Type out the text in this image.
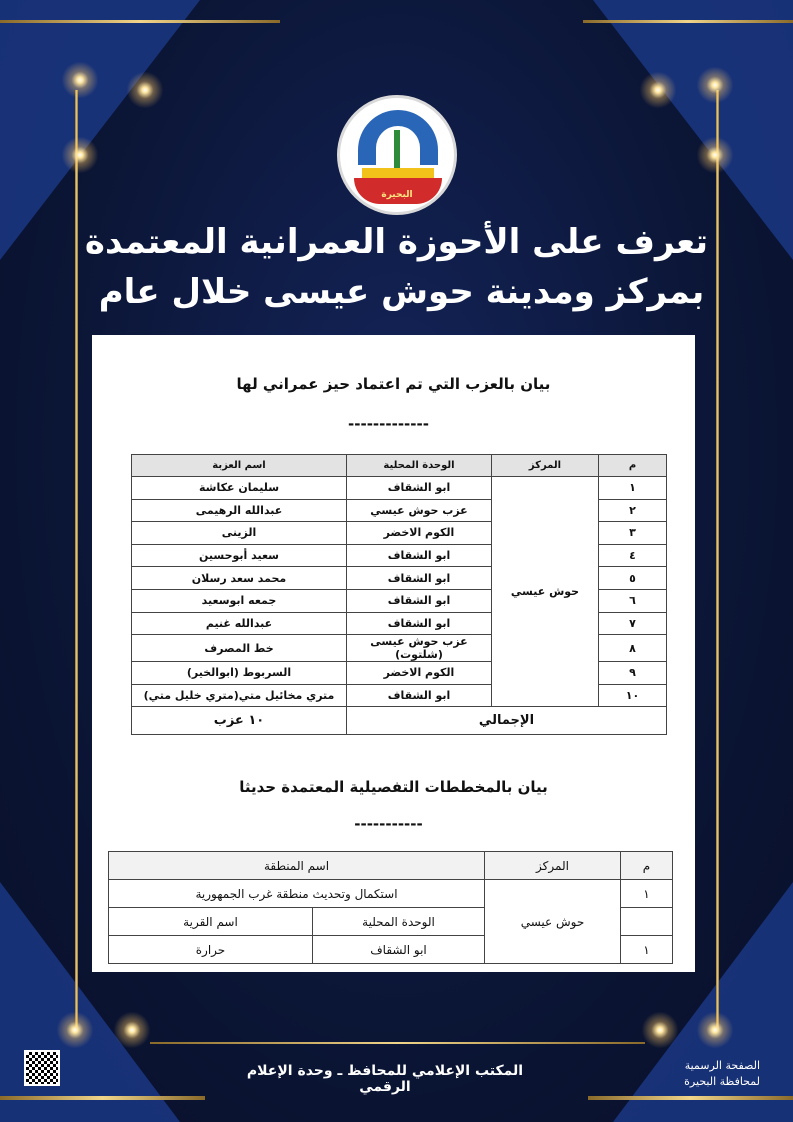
البحيرة
تعرف على الأحوزة العمرانية المعتمدة
بمركز ومدينة حوش عيسى خلال عام
بيان بالعزب التي تم اعتماد حيز عمراني لها
-------------
م	المركز	الوحدة المحلية	اسم العزبة
١	حوش عيسي	ابو الشقاف	سليمان عكاشة
٢		عزب حوش عيسي	عبدالله الرهيمى
٣		الكوم الاخضر	الزينى
٤		ابو الشقاف	سعيد أبوحسين
٥		ابو الشقاف	محمد سعد رسلان
٦		ابو الشقاف	جمعه ابوسعيد
٧		ابو الشقاف	عبدالله غنيم
٨		عزب حوش عيسى (شلتوت)	خط المصرف
٩		الكوم الاخضر	السربوط (ابوالخير)
١٠		ابو الشقاف	متري مخائيل متي(متري خليل متي)
الإجمالي			١٠ عزب
بيان بالمخططات التفصيلية المعتمدة حديثا
-----------
م	المركز	اسم المنطقة	
١	حوش عيسي	استكمال وتحديث منطقة غرب الجمهورية	
		الوحدة المحلية	اسم القرية
١		ابو الشقاف	حرارة
المكتب الإعلامي للمحافظ ـ وحدة الإعلام الرقمي
الصفحة الرسمية
لمحافظة البحيرة
